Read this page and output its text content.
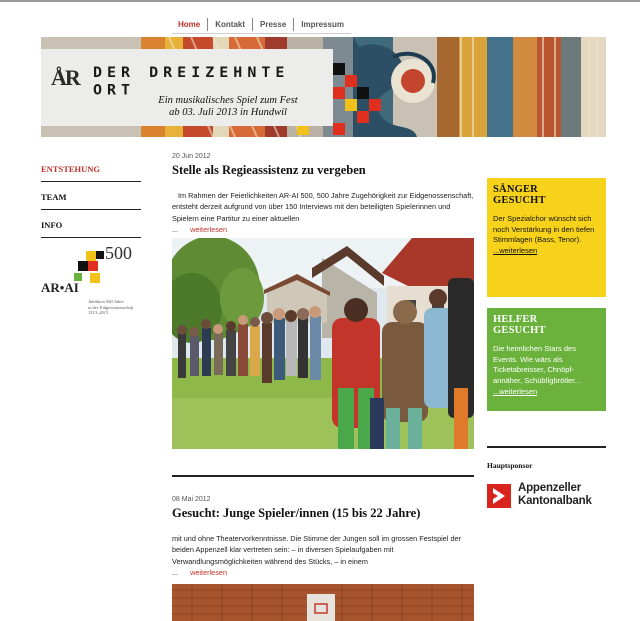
Home	Kontakt	Presse	Impressum
ÅR DER DREIZEHNTE ORT
Ein musikalisches Spiel zum Fest
ab 03. Juli 2013 in Hundwil
ENTSTEHUNG
TEAM
INFO
500
AR•AI
Jubiläum 500 Jahre
in der Eidgenossenschaft
1513–2013
20 Jun 2012
Stelle als Regieassistenz zu vergeben

Im Rahmen der Feierlichkeiten AR-AI 500, 500 Jahre Zugehörigkeit zur Eidgenossenschaft, entsteht derzeit aufgrund von über 150 Interviews mit den beteiligten Spielerinnen und Spielern eine Partitur zu einer aktuellen

... weiterlesen
08 Mai 2012
Gesucht: Junge Spieler/innen (15 bis 22 Jahre)

mit und ohne Theatervorkenntnisse. Die Stimme der Jungen soll im grossen Festspiel der beiden Appenzell klar vertreten sein: – in diversen Spielaufgaben mit Verwandlungsmöglichkeiten während des Stücks, – in einem

... weiterlesen
SÄNGER
GESUCHT

Der Spezialchor wünscht sich noch Verstärkung in den tiefen Stimmlagen (Bass, Tenor).

...weiterlesen
HELFER
GESUCHT

Die heimlichen Stars des Events. Wie wärs als Ticketabreisser, Chnöpf-annäher, Schüblígbrötler...

...weiterlesen
Hauptsponsor
Appenzeller
Kantonalbank
